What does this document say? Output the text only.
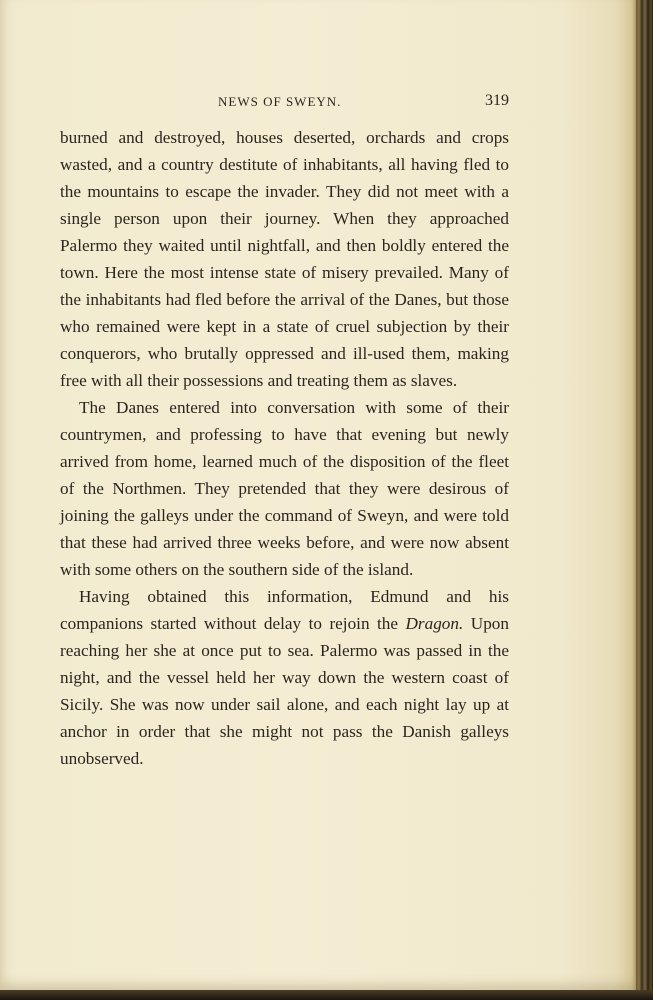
NEWS OF SWEYN.	319

burned and destroyed, houses deserted, orchards and crops wasted, and a country destitute of inhabitants, all having fled to the mountains to escape the invader. They did not meet with a single person upon their journey. When they approached Palermo they waited until nightfall, and then boldly entered the town. Here the most intense state of misery prevailed. Many of the inhabitants had fled before the arrival of the Danes, but those who remained were kept in a state of cruel subjection by their conquerors, who brutally oppressed and ill-used them, making free with all their possessions and treating them as slaves.

The Danes entered into conversation with some of their countrymen, and professing to have that evening but newly arrived from home, learned much of the disposition of the fleet of the Northmen. They pretended that they were desirous of joining the galleys under the command of Sweyn, and were told that these had arrived three weeks before, and were now absent with some others on the southern side of the island.

Having obtained this information, Edmund and his companions started without delay to rejoin the Dragon. Upon reaching her she at once put to sea. Palermo was passed in the night, and the vessel held her way down the western coast of Sicily. She was now under sail alone, and each night lay up at anchor in order that she might not pass the Danish galleys unobserved.
